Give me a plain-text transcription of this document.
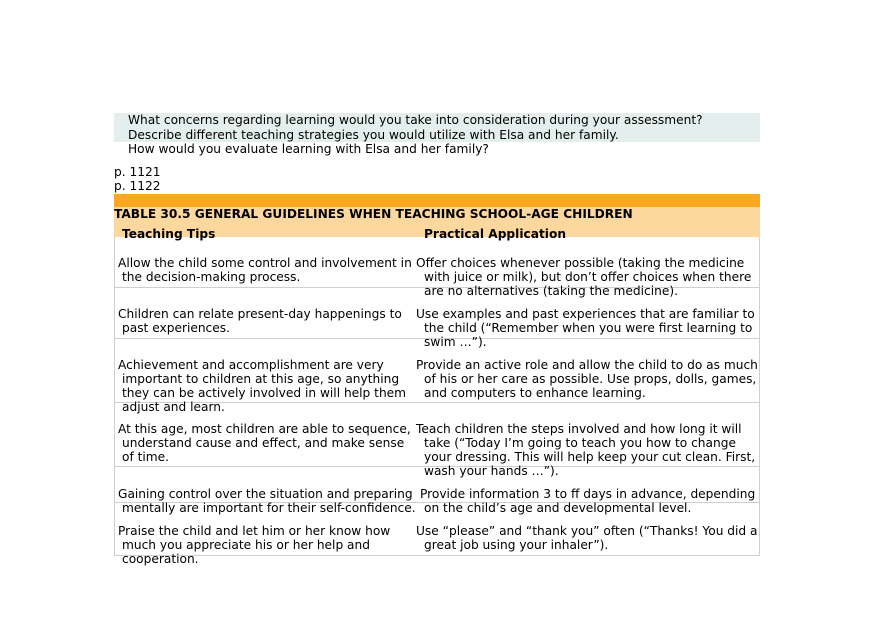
What concerns regarding learning would you take into consideration during your assessment?
Describe different teaching strategies you would utilize with Elsa and her family.
How would you evaluate learning with Elsa and her family?
p. 1121
p. 1122
TABLE 30.5 GENERAL GUIDELINES WHEN TEACHING SCHOOL-AGE CHILDREN
Teaching Tips	Practical Application
Allow the child some control and involvement in
the decision-making process.
Children can relate present-day happenings to
past experiences.
Achievement and accomplishment are very
important to children at this age, so anything
they can be actively involved in will help them
adjust and learn.
At this age, most children are able to sequence,
understand cause and effect, and make sense
of time.
Gaining control over the situation and preparing
mentally are important for their self-confidence.
Praise the child and let him or her know how
much you appreciate his or her help and
cooperation.
Offer choices whenever possible (taking the medicine
with juice or milk), but don’t offer choices when there
are no alternatives (taking the medicine).
Use examples and past experiences that are familiar to
the child (“Remember when you were first learning to
swim …”).
Provide an active role and allow the child to do as much
of his or her care as possible. Use props, dolls, games,
and computers to enhance learning.
Teach children the steps involved and how long it will
take (“Today I’m going to teach you how to change
your dressing. This will help keep your cut clean. First,
wash your hands …”).
Provide information 3 to ff days in advance, depending
on the child’s age and developmental level.
Use “please” and “thank you” often (“Thanks! You did a
great job using your inhaler”).
